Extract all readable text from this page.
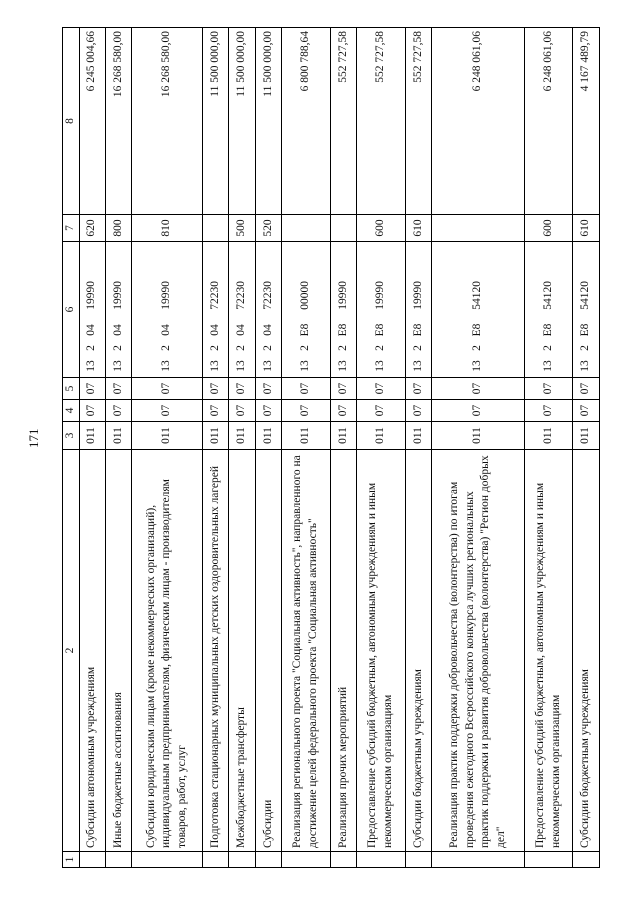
171
1	2	3	4	5	6	7	8
	Субсидии автономным учреждениям	011	07	07	1320419990	620	6 245 004,66
	Иные бюджетные ассигнования	011	07	07	1320419990	800	16 268 580,00
	Субсидии юридическим лицам (кроме некоммерческих организаций), индивидуальным предпринимателям, физическим лицам - производителям товаров, работ, услуг	011	07	07	1320419990	810	16 268 580,00
	Подготовка стационарных муниципальных детских оздоровительных лагерей	011	07	07	1320472230		11 500 000,00
	Межбюджетные трансферты	011	07	07	1320472230	500	11 500 000,00
	Субсидии	011	07	07	1320472230	520	11 500 000,00
	Реализация регионального проекта "Социальная активность", направленного на достижение целей федерального проекта "Социальная активность"	011	07	07	132E800000		6 800 788,64
	Реализация прочих мероприятий	011	07	07	132E819990		552 727,58
	Предоставление субсидий бюджетным, автономным учреждениям и иным некоммерческим организациям	011	07	07	132E819990	600	552 727,58
	Субсидии бюджетным учреждениям	011	07	07	132E819990	610	552 727,58
	Реализация практик поддержки добровольчества (волонтерства) по итогам проведения ежегодного Всероссийского конкурса лучших региональных практик поддержки и развития добровольчества (волонтерства) "Регион добрых дел"	011	07	07	132E854120		6 248 061,06
	Предоставление субсидий бюджетным, автономным учреждениям и иным некоммерческим организациям	011	07	07	132E854120	600	6 248 061,06
	Субсидии бюджетным учреждениям	011	07	07	132E854120	610	4 167 489,79
